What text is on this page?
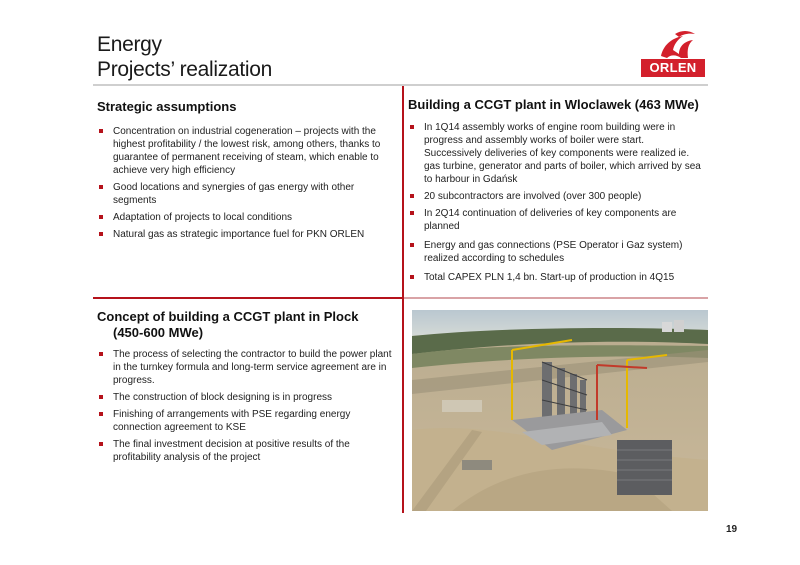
Energy
Projects’ realization	ORLEN
Strategic assumptions
Concentration on industrial cogeneration – projects with the highest profitability / the lowest risk, among others, thanks to guarantee of permanent receiving of steam, which enable to achieve very high efficiency
Good locations and synergies of gas energy with other segments
Adaptation of projects to local conditions
Natural gas as strategic importance fuel for PKN ORLEN
Building a CCGT plant in Wloclawek (463 MWe)
In 1Q14 assembly works of engine room building were in progress and assembly works of boiler were start. Successively deliveries of key components were realized ie. gas turbine, generator and parts of boiler, which arrived by sea to harbour in Gdańsk
20 subcontractors are involved (over 300 people)
In 2Q14 continuation of deliveries of key components are planned
Energy and gas connections (PSE Operator i Gaz system) realized according to schedules
Total CAPEX PLN 1,4 bn. Start-up of production in 4Q15
Concept of building a CCGT plant in Plock
(450-600 MWe)
The process of selecting the contractor to build the power plant in the turnkey formula and long-term service agreement are in progress.
The construction of block designing is in progress
Finishing of arrangements with PSE regarding energy connection agreement to KSE
The final investment decision at positive results of the profitability analysis of the project
19
